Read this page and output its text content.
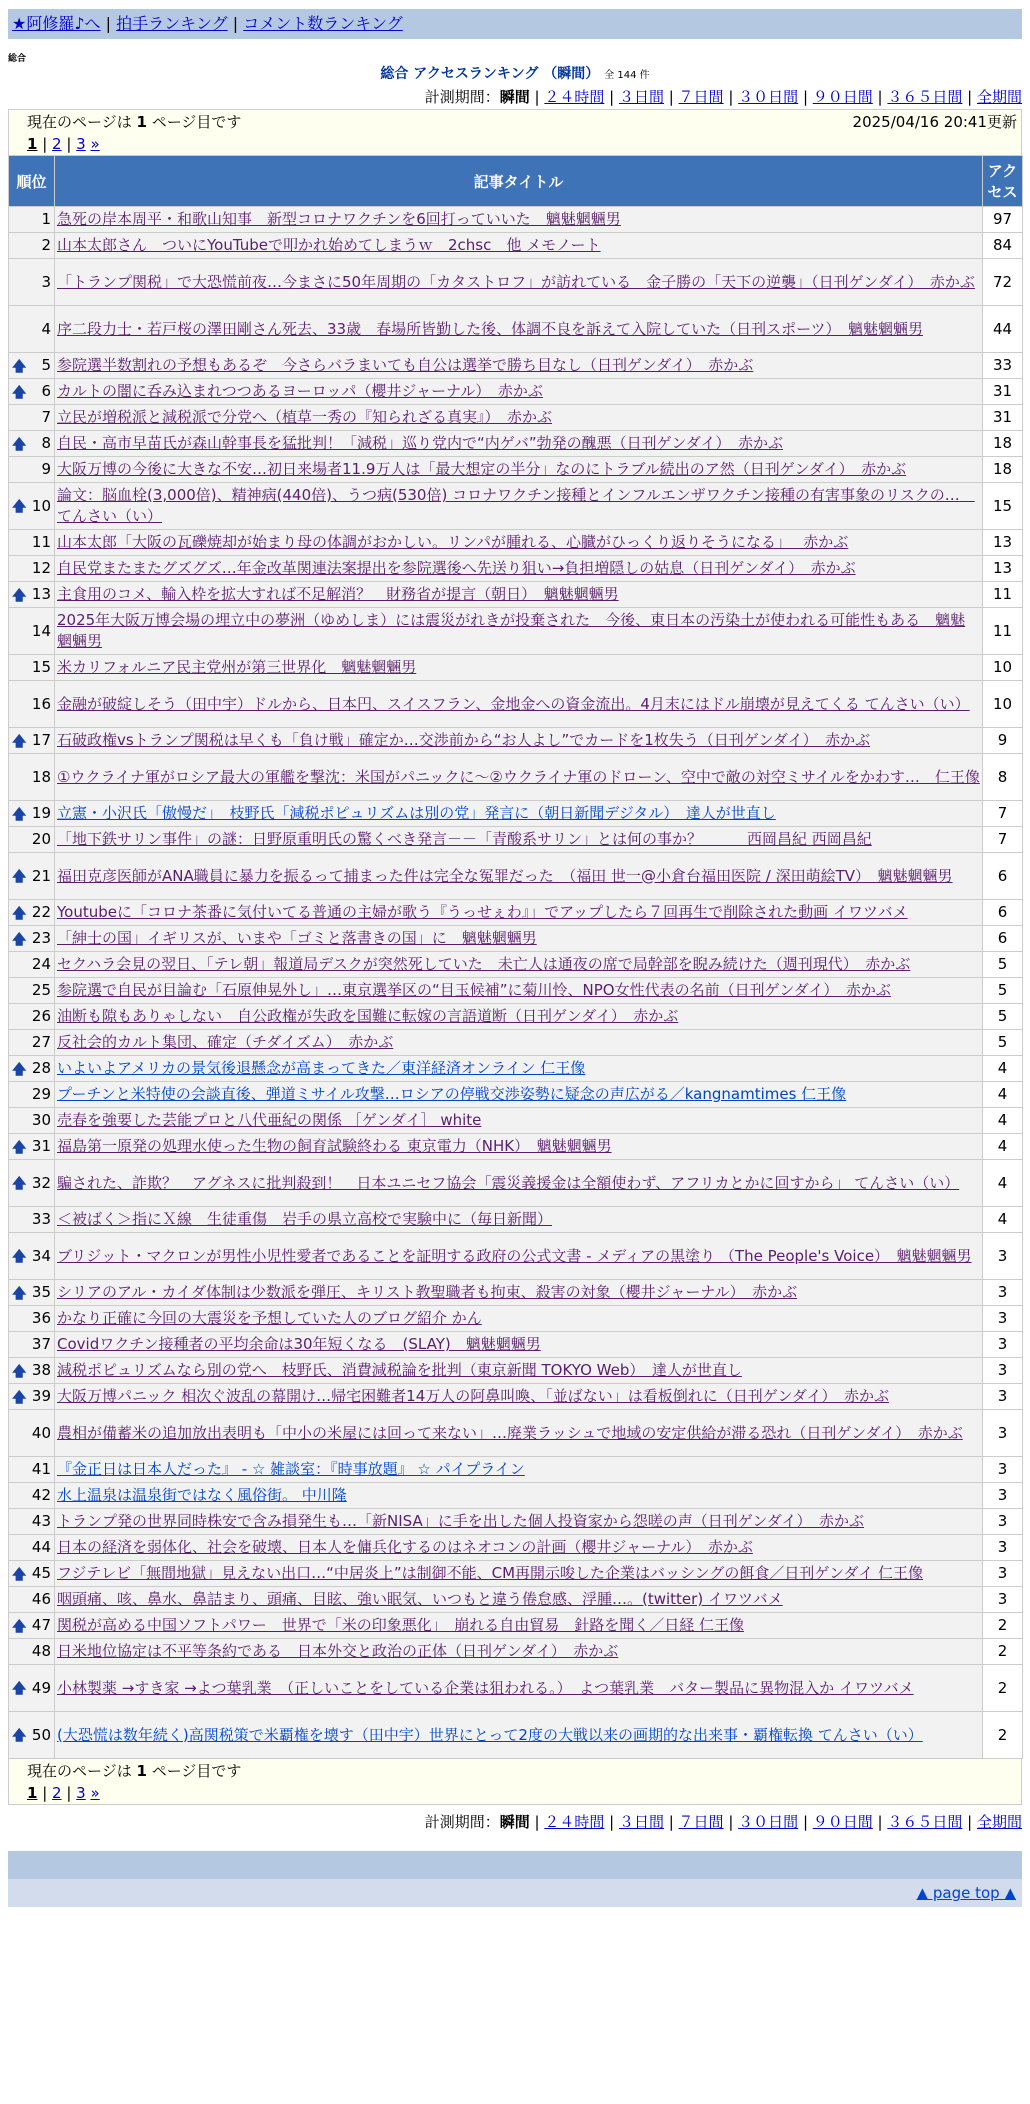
★阿修羅♪へ | 拍手ランキング | コメント数ランキング
総合
総合 アクセスランキング （瞬間） 全 144 件
計測期間：瞬間 | ２４時間 | ３日間 | ７日間 | ３０日間 | ９０日間 | ３６５日間 | 全期間
現在のページは 1 ページ目です	2025/04/16 20:41更新
1 | 2 | 3 »
順位	記事タイトル	アクセス
1	急死の岸本周平・和歌山知事　新型コロナワクチンを6回打っていいた　魑魅魍魎男	97
2	山本太郎さん　ついにYouTubeで叩かれ始めてしまうｗ　2chsc　他 メモノート	84
3	「トランプ関税」で大恐慌前夜…今まさに50年周期の「カタストロフ」が訪れている　金子勝の「天下の逆襲」（日刊ゲンダイ）　赤かぶ	72
4	序二段力士・若戸桜の澤田剛さん死去、33歳　春場所皆勤した後、体調不良を訴えて入院していた（日刊スポーツ）　魑魅魍魎男	44

🡅 5	参院選半数割れの予想もあるぞ　今さらバラまいても自公は選挙で勝ち目なし（日刊ゲンダイ）　赤かぶ	33

🡅 6	カルトの闇に呑み込まれつつあるヨーロッパ（櫻井ジャーナル）　赤かぶ	31
7	立民が増税派と減税派で分党へ（植草一秀の『知られざる真実』）　赤かぶ	31

🡅 8	自民・高市早苗氏が森山幹事長を猛批判！「減税」巡り党内で“内ゲバ”勃発の醜悪（日刊ゲンダイ）　赤かぶ	18
9	大阪万博の今後に大きな不安…初日来場者11.9万人は「最大想定の半分」なのにトラブル続出のア然（日刊ゲンダイ）　赤かぶ	18

🡅 10	論文：脳血栓(3,000倍)、精神病(440倍)、うつ病(530倍) コロナワクチン接種とインフルエンザワクチン接種の有害事象のリスクの…　てんさい（い）	15
11	山本太郎「大阪の瓦礫焼却が始まり母の体調がおかしい。リンパが腫れる、心臓がひっくり返りそうになる」　 赤かぶ	13
12	自民党またまたグズグズ…年金改革関連法案提出を参院選後へ先送り狙い→負担増隠しの姑息（日刊ゲンダイ）　赤かぶ	13

🡅 13	主食用のコメ、輸入枠を拡大すれば不足解消？　財務省が提言（朝日）　魑魅魍魎男	11
14	2025年大阪万博会場の埋立中の夢洲（ゆめしま）には震災がれきが投棄された　今後、東日本の汚染土が使われる可能性もある　魑魅魍魎男	11
15	米カリフォルニア民主党州が第三世界化　魑魅魍魎男	10
16	金融が破綻しそう（田中宇）ドルから、日本円、スイスフラン、金地金への資金流出。4月末にはドル崩壊が見えてくる てんさい（い）	10

🡅 17	石破政権vsトランプ関税は早くも「負け戦」確定か…交渉前から“お人よし”でカードを1枚失う（日刊ゲンダイ）　赤かぶ	9
18	①ウクライナ軍がロシア最大の軍艦を撃沈：米国がパニックに〜②ウクライナ軍のドローン、空中で敵の対空ミサイルをかわす…　仁王像	8

🡅 19	立憲・小沢氏「傲慢だ」　枝野氏「減税ポピュリズムは別の党」発言に（朝日新聞デジタル）　達人が世直し	7
20	「地下鉄サリン事件」の謎：日野原重明氏の驚くべき発言－－「青酸系サリン」とは何の事か？　　　西岡昌紀 西岡昌紀	7

🡅 21	福田克彦医師がANA職員に暴力を振るって捕まった件は完全な冤罪だった　（福田 世一@小倉台福田医院 / 深田萌絵TV）　魑魅魍魎男	6

🡅 22	Youtubeに「コロナ茶番に気付いてる普通の主婦が歌う『うっせぇわ』」でアップしたら７回再生で削除された動画 イワツバメ	6

🡅 23	「紳士の国」イギリスが、いまや「ゴミと落書きの国」に　魑魅魍魎男	6
24	セクハラ会見の翌日、「テレ朝」報道局デスクが突然死していた　未亡人は通夜の席で局幹部を睨み続けた（週刊現代）　赤かぶ	5
25	参院選で自民が目論む「石原伸晃外し」…東京選挙区の“目玉候補”に菊川怜、NPO女性代表の名前（日刊ゲンダイ）　赤かぶ	5
26	油断も隙もありゃしない　自公政権が失政を国難に転嫁の言語道断（日刊ゲンダイ）　赤かぶ	5
27	反社会的カルト集団、確定（チダイズム）　赤かぶ	5

🡅 28	いよいよアメリカの景気後退懸念が高まってきた／東洋経済オンライン 仁王像	4
29	プーチンと米特使の会談直後、弾道ミサイル攻撃…ロシアの停戦交渉姿勢に疑念の声広がる／kangnamtimes 仁王像	4
30	売春を強要した芸能プロと八代亜紀の関係 ［ゲンダイ］ white	4

🡅 31	福島第一原発の処理水使った生物の飼育試験終わる 東京電力（NHK）　魑魅魍魎男	4

🡅 32	騙された、詐欺？　アグネスに批判殺到！　日本ユニセフ協会「震災義援金は全額使わず、アフリカとかに回すから」 てんさい（い）	4
33	＜被ばく＞指にＸ線　生徒重傷　岩手の県立高校で実験中に（毎日新聞）	4

🡅 34	ブリジット・マクロンが男性小児性愛者であることを証明する政府の公式文書 - メディアの黒塗り （The People's Voice）　魑魅魍魎男	3

🡅 35	シリアのアル・カイダ体制は少数派を弾圧、キリスト教聖職者も拘束、殺害の対象（櫻井ジャーナル）　赤かぶ	3
36	かなり正確に今回の大震災を予想していた人のブログ紹介 かん	3
37	Covidワクチン接種者の平均余命は30年短くなる　(SLAY)　魑魅魍魎男	3

🡅 38	減税ポピュリズムなら別の党へ　枝野氏、消費減税論を批判（東京新聞 TOKYO Web）　達人が世直し	3

🡅 39	大阪万博パニック 相次ぐ波乱の幕開け…帰宅困難者14万人の阿鼻叫喚、「並ばない」は看板倒れに（日刊ゲンダイ）　赤かぶ	3
40	農相が備蓄米の追加放出表明も「中小の米屋には回って来ない」…廃業ラッシュで地域の安定供給が滞る恐れ（日刊ゲンダイ）　赤かぶ	3
41	『金正日は日本人だった』 - ☆ 雑談室：『時事放題』 ☆ パイプライン	3
42	水上温泉は温泉街ではなく風俗街。 中川隆	3
43	トランプ発の世界同時株安で含み損発生も…「新NISA」に手を出した個人投資家から怨嗟の声（日刊ゲンダイ）　赤かぶ	3
44	日本の経済を弱体化、社会を破壊、日本人を傭兵化するのはネオコンの計画（櫻井ジャーナル）　赤かぶ	3

🡅 45	フジテレビ「無間地獄」見えない出口…“中居炎上”は制御不能、CM再開示唆した企業はバッシングの餌食／日刊ゲンダイ 仁王像	3
46	咽頭痛、咳、鼻水、鼻詰まり、頭痛、目眩、強い眠気、いつもと違う倦怠感、浮腫…。(twitter) イワツバメ	3

🡅 47	関税が高める中国ソフトパワー　世界で「米の印象悪化」　崩れる自由貿易　針路を聞く／日経 仁王像	2
48	日米地位協定は不平等条約である　日本外交と政治の正体（日刊ゲンダイ）　赤かぶ	2

🡅 49	小林製薬 →すき家 →よつ葉乳業　（正しいことをしている企業は狙われる。）　よつ葉乳業　バター製品に異物混入か イワツバメ	2

🡅 50	(大恐慌は数年続く)高関税策で米覇権を壊す（田中宇）世界にとって2度の大戦以来の画期的な出来事・覇権転換 てんさい（い）	2
現在のページは 1 ページ目です
1 | 2 | 3 »
計測期間：瞬間 | ２４時間 | ３日間 | ７日間 | ３０日間 | ９０日間 | ３６５日間 | 全期間
▲ page top ▲
